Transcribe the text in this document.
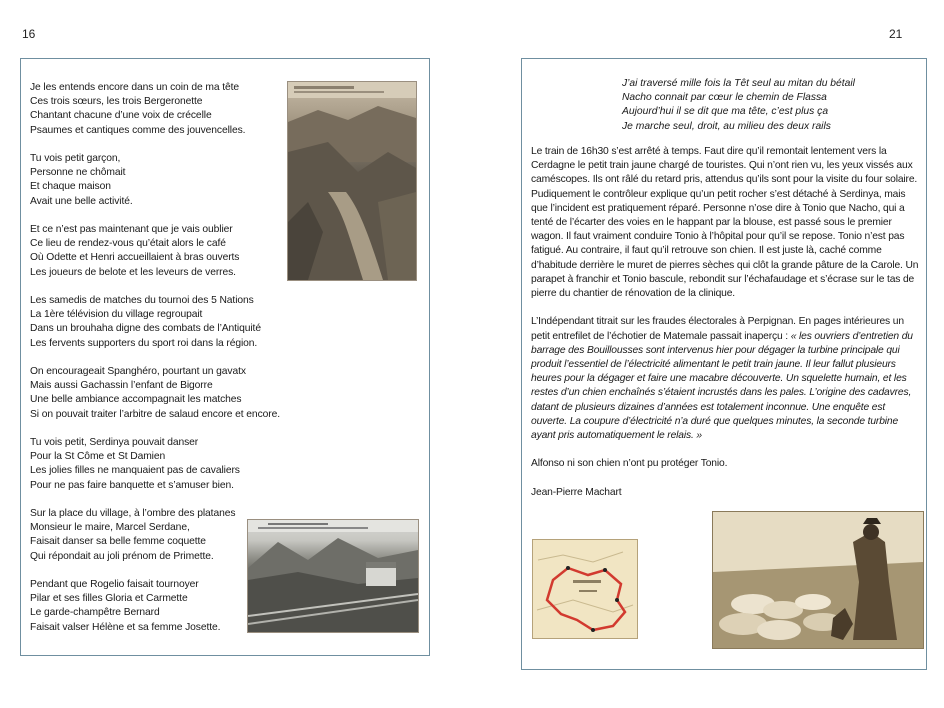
16
Je les entends encore dans un coin de ma tête
Ces trois sœurs, les trois Bergeronette
Chantant chacune d’une voix de crécelle
Psaumes et cantiques comme des jouvencelles.
Tu vois petit garçon,
Personne ne chômait
Et chaque maison
Avait une belle activité.
Et ce n’est pas maintenant que je vais oublier
Ce lieu de rendez-vous qu’était alors le café
Où Odette et Henri accueillaient à bras ouverts
Les joueurs de belote et les leveurs de verres.
Les samedis de matches du tournoi des 5 Nations
La 1ère télévision du village regroupait
Dans un brouhaha digne des combats de l’Antiquité
Les fervents supporters du sport roi dans la région.
On encourageait Spanghéro, pourtant un gavatx
Mais aussi Gachassin l’enfant de Bigorre
Une belle ambiance accompagnait les matches
Si on pouvait traiter l’arbitre de salaud encore et encore.
Tu vois petit, Serdinya pouvait danser
Pour la St Côme et St Damien
Les jolies filles ne manquaient pas de cavaliers
Pour ne pas faire banquette et s’amuser bien.
Sur la place du village, à l’ombre des platanes
Monsieur le maire, Marcel Serdane,
Faisait danser sa belle femme coquette
Qui répondait au joli prénom de Primette.
Pendant que Rogelio faisait tournoyer
Pilar et ses filles Gloria et Carmette
Le garde-champêtre Bernard
Faisait valser Hélène et sa femme Josette.
21
J’ai traversé mille fois la Têt seul au mitan du bétail
Nacho connait par cœur le chemin de Flassa
Aujourd’hui il se dit que ma tête, c’est plus ça
Je marche seul, droit, au milieu des deux rails

Le train de 16h30 s’est arrêté à temps. Faut dire qu’il remontait lentement vers la Cerdagne le petit train jaune chargé de touristes. Qui n’ont rien vu, les yeux vissés aux caméscopes. Ils ont râlé du retard pris, attendus qu’ils sont pour la visite du four solaire. Pudiquement le contrôleur explique qu’un petit rocher s’est détaché à Serdinya, mais que l’incident est pratiquement réparé. Personne n’ose dire à Tonio que Nacho, qui a tenté de l’écarter des voies en le happant par la blouse, est passé sous le premier wagon. Il faut vraiment conduire Tonio à l’hôpital pour qu’il se repose. Tonio n’est pas fatigué. Au contraire, il faut qu’il retrouve son chien. Il est juste là, caché comme d’habitude derrière le muret de pierres sèches qui clôt la grande pâture de la Carole. Un parapet à franchir et Tonio bascule, rebondit sur l’échafaudage et s’écrase sur le tas de pierre du chantier de rénovation de la clinique.

L’Indépendant titrait sur les fraudes électorales à Perpignan. En pages intérieures un petit entrefilet de l’échotier de Matemale passait inaperçu : « les ouvriers d’entretien du barrage des Bouillousses sont intervenus hier pour dégager la turbine principale qui produit l’essentiel de l’électricité alimentant le petit train jaune. Il leur fallut plusieurs heures pour la dégager et faire une macabre découverte. Un squelette humain, et les restes d’un chien enchaînés s’étaient incrustés dans les pales. L’origine des cadavres, datant de plusieurs dizaines d’années est totalement inconnue. Une enquête est ouverte. La coupure d’électricité n’a duré que quelques minutes, la seconde turbine ayant pris automatiquement le relais. »

Alfonso ni son chien n’ont pu protéger Tonio.

Jean-Pierre Machart
